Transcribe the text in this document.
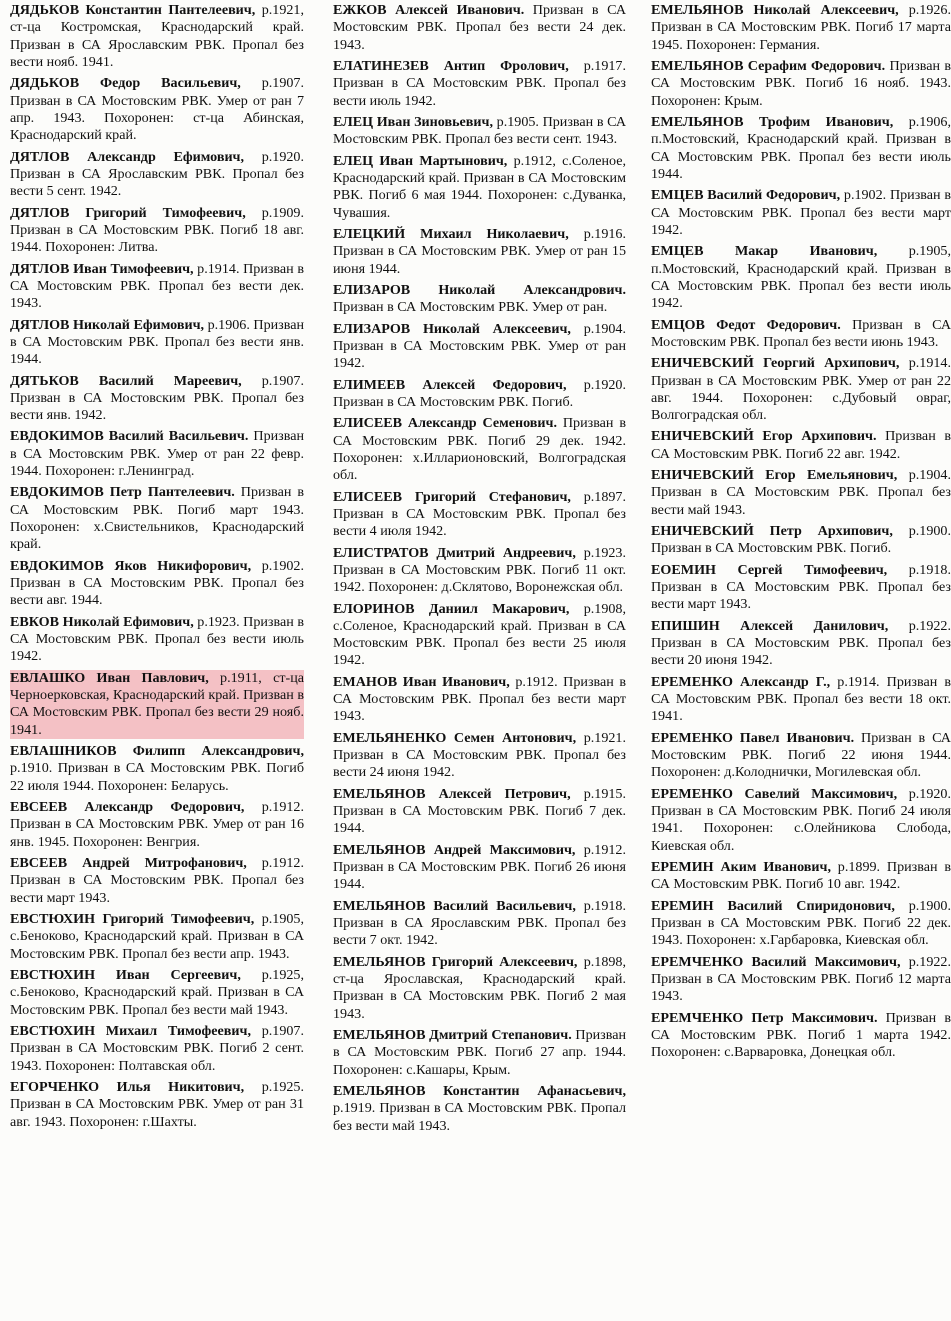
ДЯДЬКОВ Константин Пантелеевич, р.1921, ст-ца Костромская, Краснодарский край. Призван в СА Ярославским РВК. Пропал без вести нояб. 1941.

ДЯДЬКОВ Федор Васильевич, р.1907. Призван в СА Мостовским РВК. Умер от ран 7 апр. 1943. Похоронен: ст-ца Абинская, Краснодарский край.

ДЯТЛОВ Александр Ефимович, р.1920. Призван в СА Ярославским РВК. Пропал без вести 5 сент. 1942.

ДЯТЛОВ Григорий Тимофеевич, р.1909. Призван в СА Мостовским РВК. Погиб 18 авг. 1944. Похоронен: Литва.

ДЯТЛОВ Иван Тимофеевич, р.1914. Призван в СА Мостовским РВК. Пропал без вести дек. 1943.

ДЯТЛОВ Николай Ефимович, р.1906. Призван в СА Мостовским РВК. Пропал без вести янв. 1944.

ДЯТЬКОВ Василий Мареевич, р.1907. Призван в СА Мостовским РВК. Пропал без вести янв. 1942.

ЕВДОКИМОВ Василий Васильевич. Призван в СА Мостовским РВК. Умер от ран 22 февр. 1944. Похоронен: г.Ленинград.

ЕВДОКИМОВ Петр Пантелеевич. Призван в СА Мостовским РВК. Погиб март 1943. Похоронен: х.Свистельников, Краснодарский край.

ЕВДОКИМОВ Яков Никифорович, р.1902. Призван в СА Мостовским РВК. Пропал без вести авг. 1944.

ЕВКОВ Николай Ефимович, р.1923. Призван в СА Мостовским РВК. Пропал без вести июль 1942.

ЕВЛАШКО Иван Павлович, р.1911, ст-ца Черноерковская, Краснодарский край. Призван в СА Мостовским РВК. Пропал без вести 29 нояб. 1941.

ЕВЛАШНИКОВ Филипп Александрович, р.1910. Призван в СА Мостовским РВК. Погиб 22 июля 1944. Похоронен: Беларусь.

ЕВСЕЕВ Александр Федорович, р.1912. Призван в СА Мостовским РВК. Умер от ран 16 янв. 1945. Похоронен: Венгрия.

ЕВСЕЕВ Андрей Митрофанович, р.1912. Призван в СА Мостовским РВК. Пропал без вести март 1943.

ЕВСТЮХИН Григорий Тимофеевич, р.1905, с.Беноково, Краснодарский край. Призван в СА Мостовским РВК. Пропал без вести апр. 1943.

ЕВСТЮХИН Иван Сергеевич, р.1925, с.Беноково, Краснодарский край. Призван в СА Мостовским РВК. Пропал без вести май 1943.

ЕВСТЮХИН Михаил Тимофеевич, р.1907. Призван в СА Мостовским РВК. Погиб 2 сент. 1943. Похоронен: Полтавская обл.

ЕГОРЧЕНКО Илья Никитович, р.1925. Призван в СА Мостовским РВК. Умер от ран 31 авг. 1943. Похоронен: г.Шахты.

ЕЖКОВ Алексей Иванович. Призван в СА Мостовским РВК. Пропал без вести 24 дек. 1943.

ЕЛАТИНЕЗЕВ Антип Фролович, р.1917. Призван в СА Мостовским РВК. Пропал без вести июль 1942.

ЕЛЕЦ Иван Зиновьевич, р.1905. Призван в СА Мостовским РВК. Пропал без вести сент. 1943.

ЕЛЕЦ Иван Мартынович, р.1912, с.Соленое, Краснодарский край. Призван в СА Мостовским РВК. Погиб 6 мая 1944. Похоронен: с.Дуванка, Чувашия.

ЕЛЕЦКИЙ Михаил Николаевич, р.1916. Призван в СА Мостовским РВК. Умер от ран 15 июня 1944.

ЕЛИЗАРОВ Николай Александрович. Призван в СА Мостовским РВК. Умер от ран.

ЕЛИЗАРОВ Николай Алексеевич, р.1904. Призван в СА Мостовским РВК. Умер от ран 1942.

ЕЛИМЕЕВ Алексей Федорович, р.1920. Призван в СА Мостовским РВК. Погиб.

ЕЛИСЕЕВ Александр Семенович. Призван в СА Мостовским РВК. Погиб 29 дек. 1942. Похоронен: х.Илларионовский, Волгоградская обл.

ЕЛИСЕЕВ Григорий Стефанович, р.1897. Призван в СА Мостовским РВК. Пропал без вести 4 июля 1942.

ЕЛИСТРАТОВ Дмитрий Андреевич, р.1923. Призван в СА Мостовским РВК. Погиб 11 окт. 1942. Похоронен: д.Склятово, Воронежская обл.

ЕЛОРИНОВ Даниил Макарович, р.1908, с.Соленое, Краснодарский край. Призван в СА Мостовским РВК. Пропал без вести 25 июля 1942.

ЕМАНОВ Иван Иванович, р.1912. Призван в СА Мостовским РВК. Пропал без вести март 1943.

ЕМЕЛЬЯНЕНКО Семен Антонович, р.1921. Призван в СА Мостовским РВК. Пропал без вести 24 июня 1942.

ЕМЕЛЬЯНОВ Алексей Петрович, р.1915. Призван в СА Мостовским РВК. Погиб 7 дек. 1944.

ЕМЕЛЬЯНОВ Андрей Максимович, р.1912. Призван в СА Мостовским РВК. Погиб 26 июня 1944.

ЕМЕЛЬЯНОВ Василий Васильевич, р.1918. Призван в СА Ярославским РВК. Пропал без вести 7 окт. 1942.

ЕМЕЛЬЯНОВ Григорий Алексеевич, р.1898, ст-ца Ярославская, Краснодарский край. Призван в СА Мостовским РВК. Погиб 2 мая 1943.

ЕМЕЛЬЯНОВ Дмитрий Степанович. Призван в СА Мостовским РВК. Погиб 27 апр. 1944. Похоронен: с.Кашары, Крым.

ЕМЕЛЬЯНОВ Константин Афанасьевич, р.1919. Призван в СА Мостовским РВК. Пропал без вести май 1943.

ЕМЕЛЬЯНОВ Николай Алексеевич, р.1926. Призван в СА Мостовским РВК. Погиб 17 марта 1945. Похоронен: Германия.

ЕМЕЛЬЯНОВ Серафим Федорович. Призван в СА Мостовским РВК. Погиб 16 нояб. 1943. Похоронен: Крым.

ЕМЕЛЬЯНОВ Трофим Иванович, р.1906, п.Мостовский, Краснодарский край. Призван в СА Мостовским РВК. Пропал без вести июль 1944.

ЕМЦЕВ Василий Федорович, р.1902. Призван в СА Мостовским РВК. Пропал без вести март 1942.

ЕМЦЕВ Макар Иванович, р.1905, п.Мостовский, Краснодарский край. Призван в СА Мостовским РВК. Пропал без вести июль 1942.

ЕМЦОВ Федот Федорович. Призван в СА Мостовским РВК. Пропал без вести июнь 1943.

ЕНИЧЕВСКИЙ Георгий Архипович, р.1914. Призван в СА Мостовским РВК. Умер от ран 22 авг. 1944. Похоронен: с.Дубовый овраг, Волгоградская обл.

ЕНИЧЕВСКИЙ Егор Архипович. Призван в СА Мостовским РВК. Погиб 22 авг. 1942.

ЕНИЧЕВСКИЙ Егор Емельянович, р.1904. Призван в СА Мостовским РВК. Пропал без вести май 1943.

ЕНИЧЕВСКИЙ Петр Архипович, р.1900. Призван в СА Мостовским РВК. Погиб.

ЕОЕМИН Сергей Тимофеевич, р.1918. Призван в СА Мостовским РВК. Пропал без вести март 1943.

ЕПИШИН Алексей Данилович, р.1922. Призван в СА Мостовским РВК. Пропал без вести 20 июня 1942.

ЕРЕМЕНКО Александр Г., р.1914. Призван в СА Мостовским РВК. Пропал без вести 18 окт. 1941.

ЕРЕМЕНКО Павел Иванович. Призван в СА Мостовским РВК. Погиб 22 июня 1944. Похоронен: д.Колоднички, Могилевская обл.

ЕРЕМЕНКО Савелий Максимович, р.1920. Призван в СА Мостовским РВК. Погиб 24 июля 1941. Похоронен: с.Олейникова Слобода, Киевская обл.

ЕРЕМИН Аким Иванович, р.1899. Призван в СА Мостовским РВК. Погиб 10 авг. 1942.

ЕРЕМИН Василий Спиридонович, р.1900. Призван в СА Мостовским РВК. Погиб 22 дек. 1943. Похоронен: х.Гарбаровка, Киевская обл.

ЕРЕМЧЕНКО Василий Максимович, р.1922. Призван в СА Мостовским РВК. Погиб 12 марта 1943.

ЕРЕМЧЕНКО Петр Максимович. Призван в СА Мостовским РВК. Погиб 1 марта 1942. Похоронен: с.Варваровка, Донецкая обл.
